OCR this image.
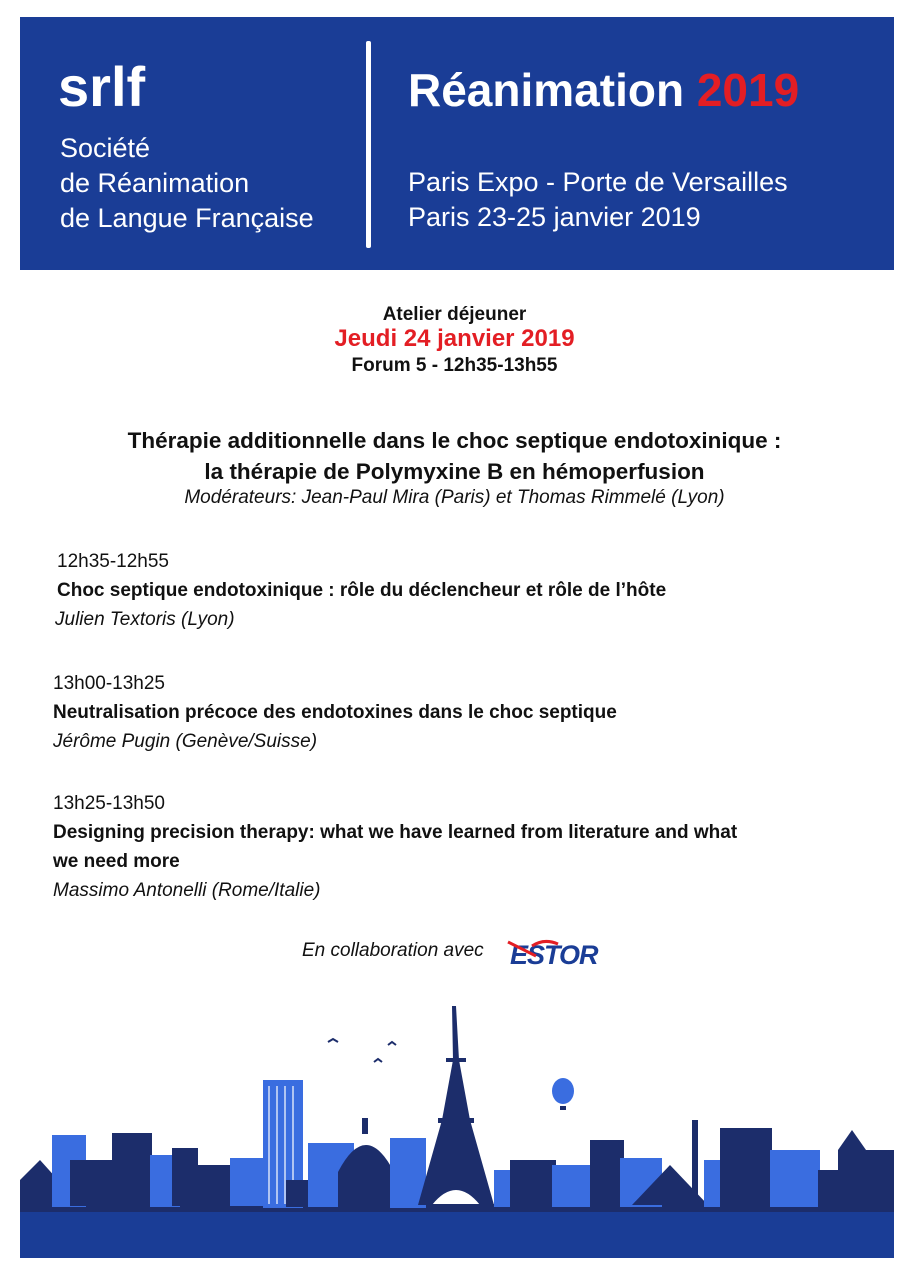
srlf
Société
de Réanimation
de Langue Française
Réanimation 2019
Paris Expo - Porte de Versailles
Paris 23-25 janvier 2019
Atelier déjeuner
Jeudi 24 janvier 2019
Forum 5 - 12h35-13h55
Thérapie additionnelle dans le choc septique endotoxinique :
la thérapie de Polymyxine B en hémoperfusion
Modérateurs: Jean-Paul Mira (Paris) et Thomas Rimmelé (Lyon)
12h35-12h55
Choc septique endotoxinique : rôle du déclencheur et rôle de l’hôte
Julien Textoris (Lyon)
13h00-13h25
Neutralisation précoce des endotoxines dans le choc septique
Jérôme Pugin (Genève/Suisse)
13h25-13h50
Designing precision therapy: what we have learned from literature and what
we need more
Massimo Antonelli (Rome/Italie)
En collaboration avec ESTOR
